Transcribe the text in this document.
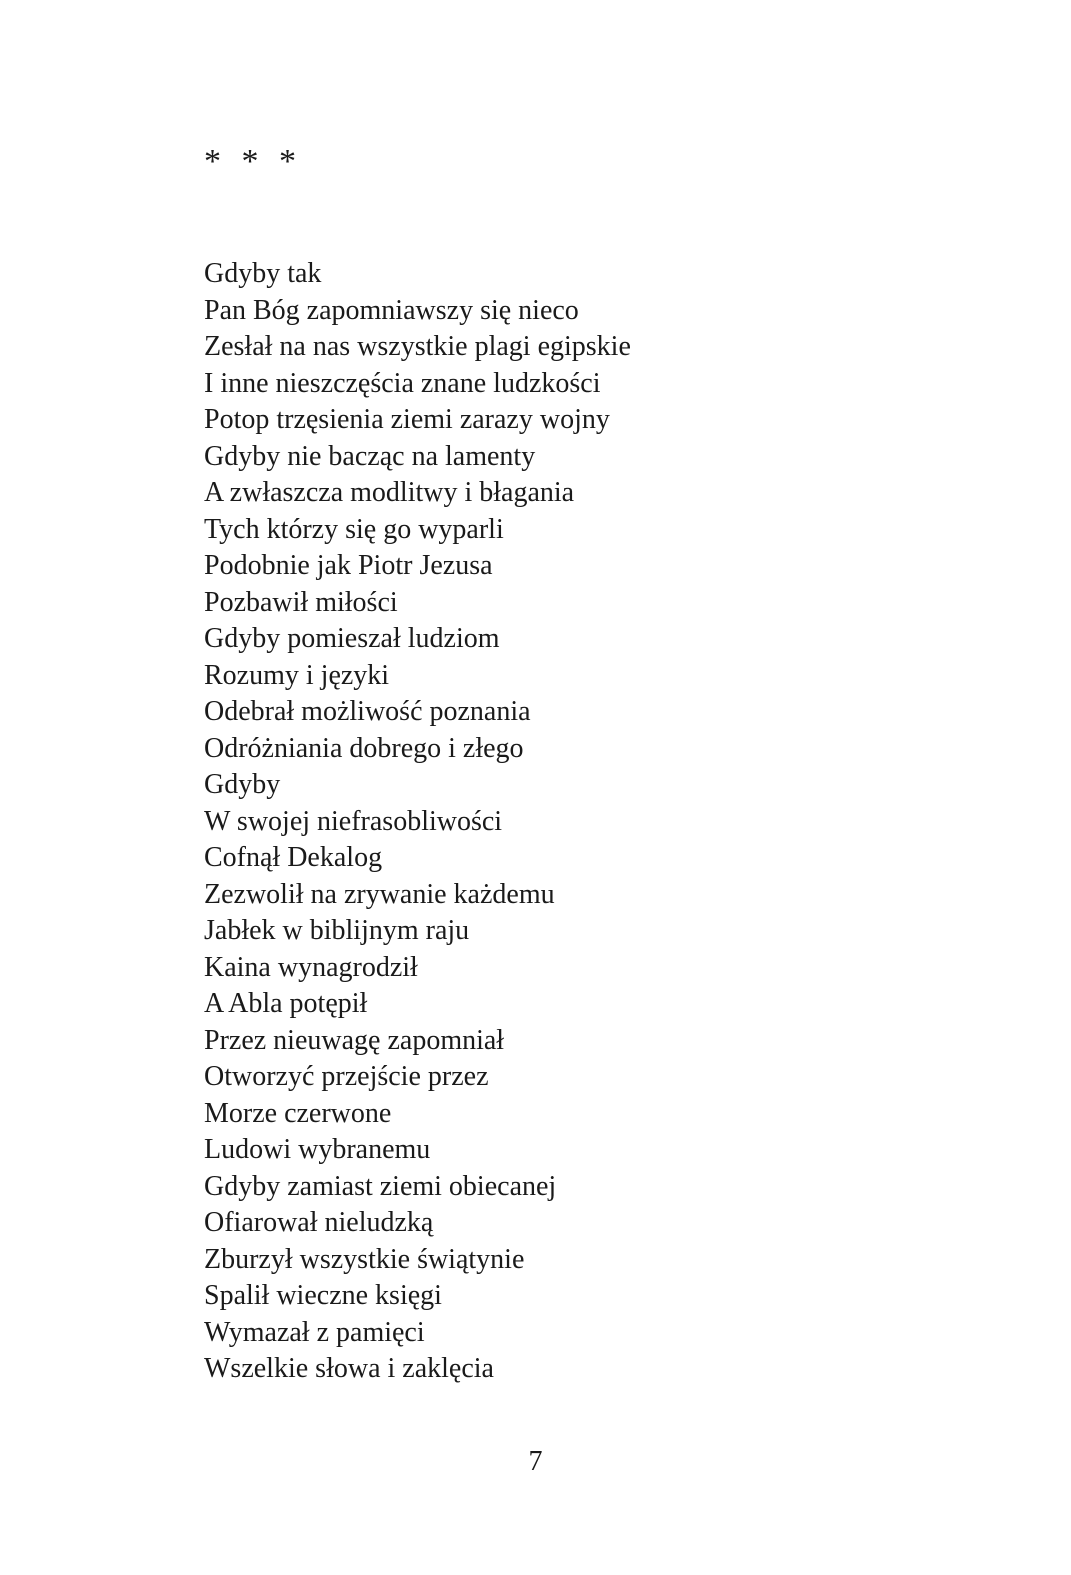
* * *
Gdyby tak
Pan Bóg zapomniawszy się nieco
Zesłał na nas wszystkie plagi egipskie
I inne nieszczęścia znane ludzkości
Potop trzęsienia ziemi zarazy wojny
Gdyby nie bacząc na lamenty
A zwłaszcza modlitwy i błagania
Tych którzy się go wyparli
Podobnie jak Piotr Jezusa
Pozbawił miłości
Gdyby pomieszał ludziom
Rozumy i języki
Odebrał możliwość poznania
Odróżniania dobrego i złego
Gdyby
W swojej niefrasobliwości
Cofnął Dekalog
Zezwolił na zrywanie każdemu
Jabłek w biblijnym raju
Kaina wynagrodził
A Abla potępił
Przez nieuwagę zapomniał
Otworzyć przejście przez
Morze czerwone
Ludowi wybranemu
Gdyby zamiast ziemi obiecanej
Ofiarował nieludzką
Zburzył wszystkie świątynie
Spalił wieczne księgi
Wymazał z pamięci
Wszelkie słowa i zaklęcia
7
